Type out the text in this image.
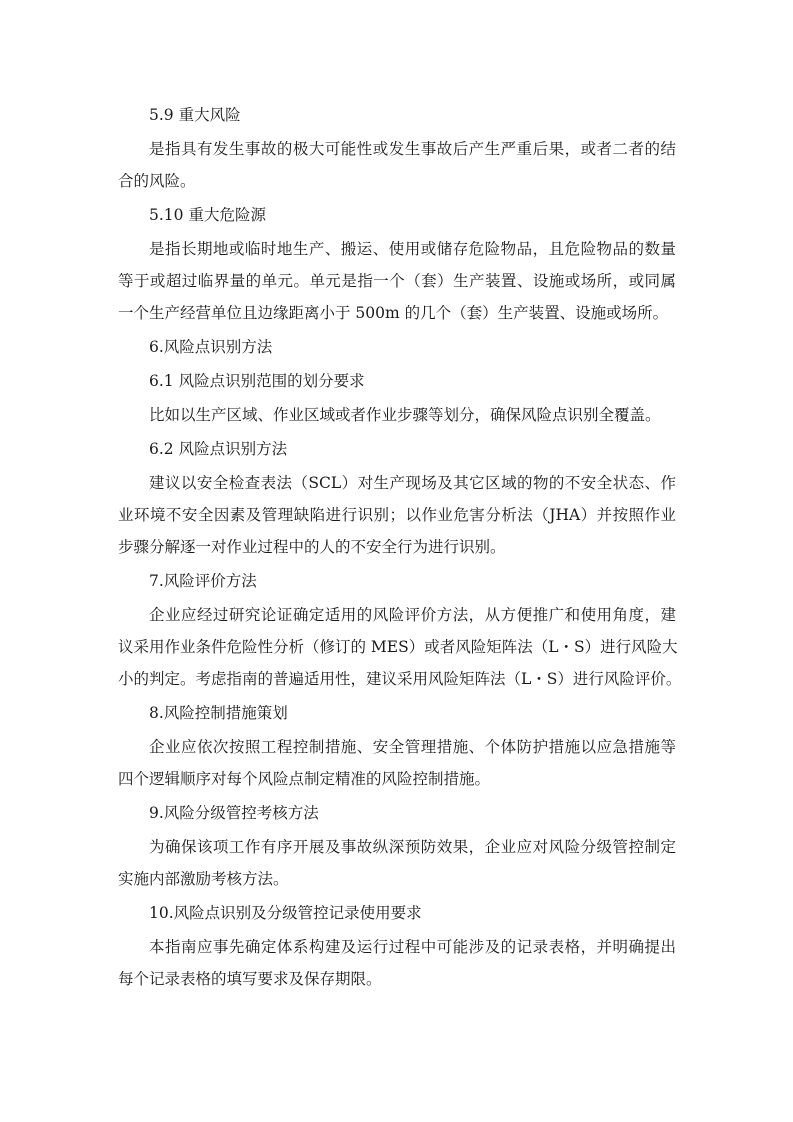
5.9 重大风险
是指具有发生事故的极大可能性或发生事故后产生严重后果，或者二者的结
合的风险。
5.10 重大危险源
是指长期地或临时地生产、搬运、使用或储存危险物品，且危险物品的数量
等于或超过临界量的单元。单元是指一个（套）生产装置、设施或场所，或同属
一个生产经营单位且边缘距离小于 500m 的几个（套）生产装置、设施或场所。
6.风险点识别方法
6.1 风险点识别范围的划分要求
比如以生产区域、作业区域或者作业步骤等划分，确保风险点识别全覆盖。
6.2 风险点识别方法
建议以安全检查表法（SCL）对生产现场及其它区域的物的不安全状态、作
业环境不安全因素及管理缺陷进行识别；以作业危害分析法（JHA）并按照作业
步骤分解逐一对作业过程中的人的不安全行为进行识别。
7.风险评价方法
企业应经过研究论证确定适用的风险评价方法，从方便推广和使用角度，建
议采用作业条件危险性分析（修订的 MES）或者风险矩阵法（L・S）进行风险大
小的判定。考虑指南的普遍适用性，建议采用风险矩阵法（L・S）进行风险评价。
8.风险控制措施策划
企业应依次按照工程控制措施、安全管理措施、个体防护措施以应急措施等
四个逻辑顺序对每个风险点制定精准的风险控制措施。
9.风险分级管控考核方法
为确保该项工作有序开展及事故纵深预防效果，企业应对风险分级管控制定
实施内部激励考核方法。
10.风险点识别及分级管控记录使用要求
本指南应事先确定体系构建及运行过程中可能涉及的记录表格，并明确提出
每个记录表格的填写要求及保存期限。
